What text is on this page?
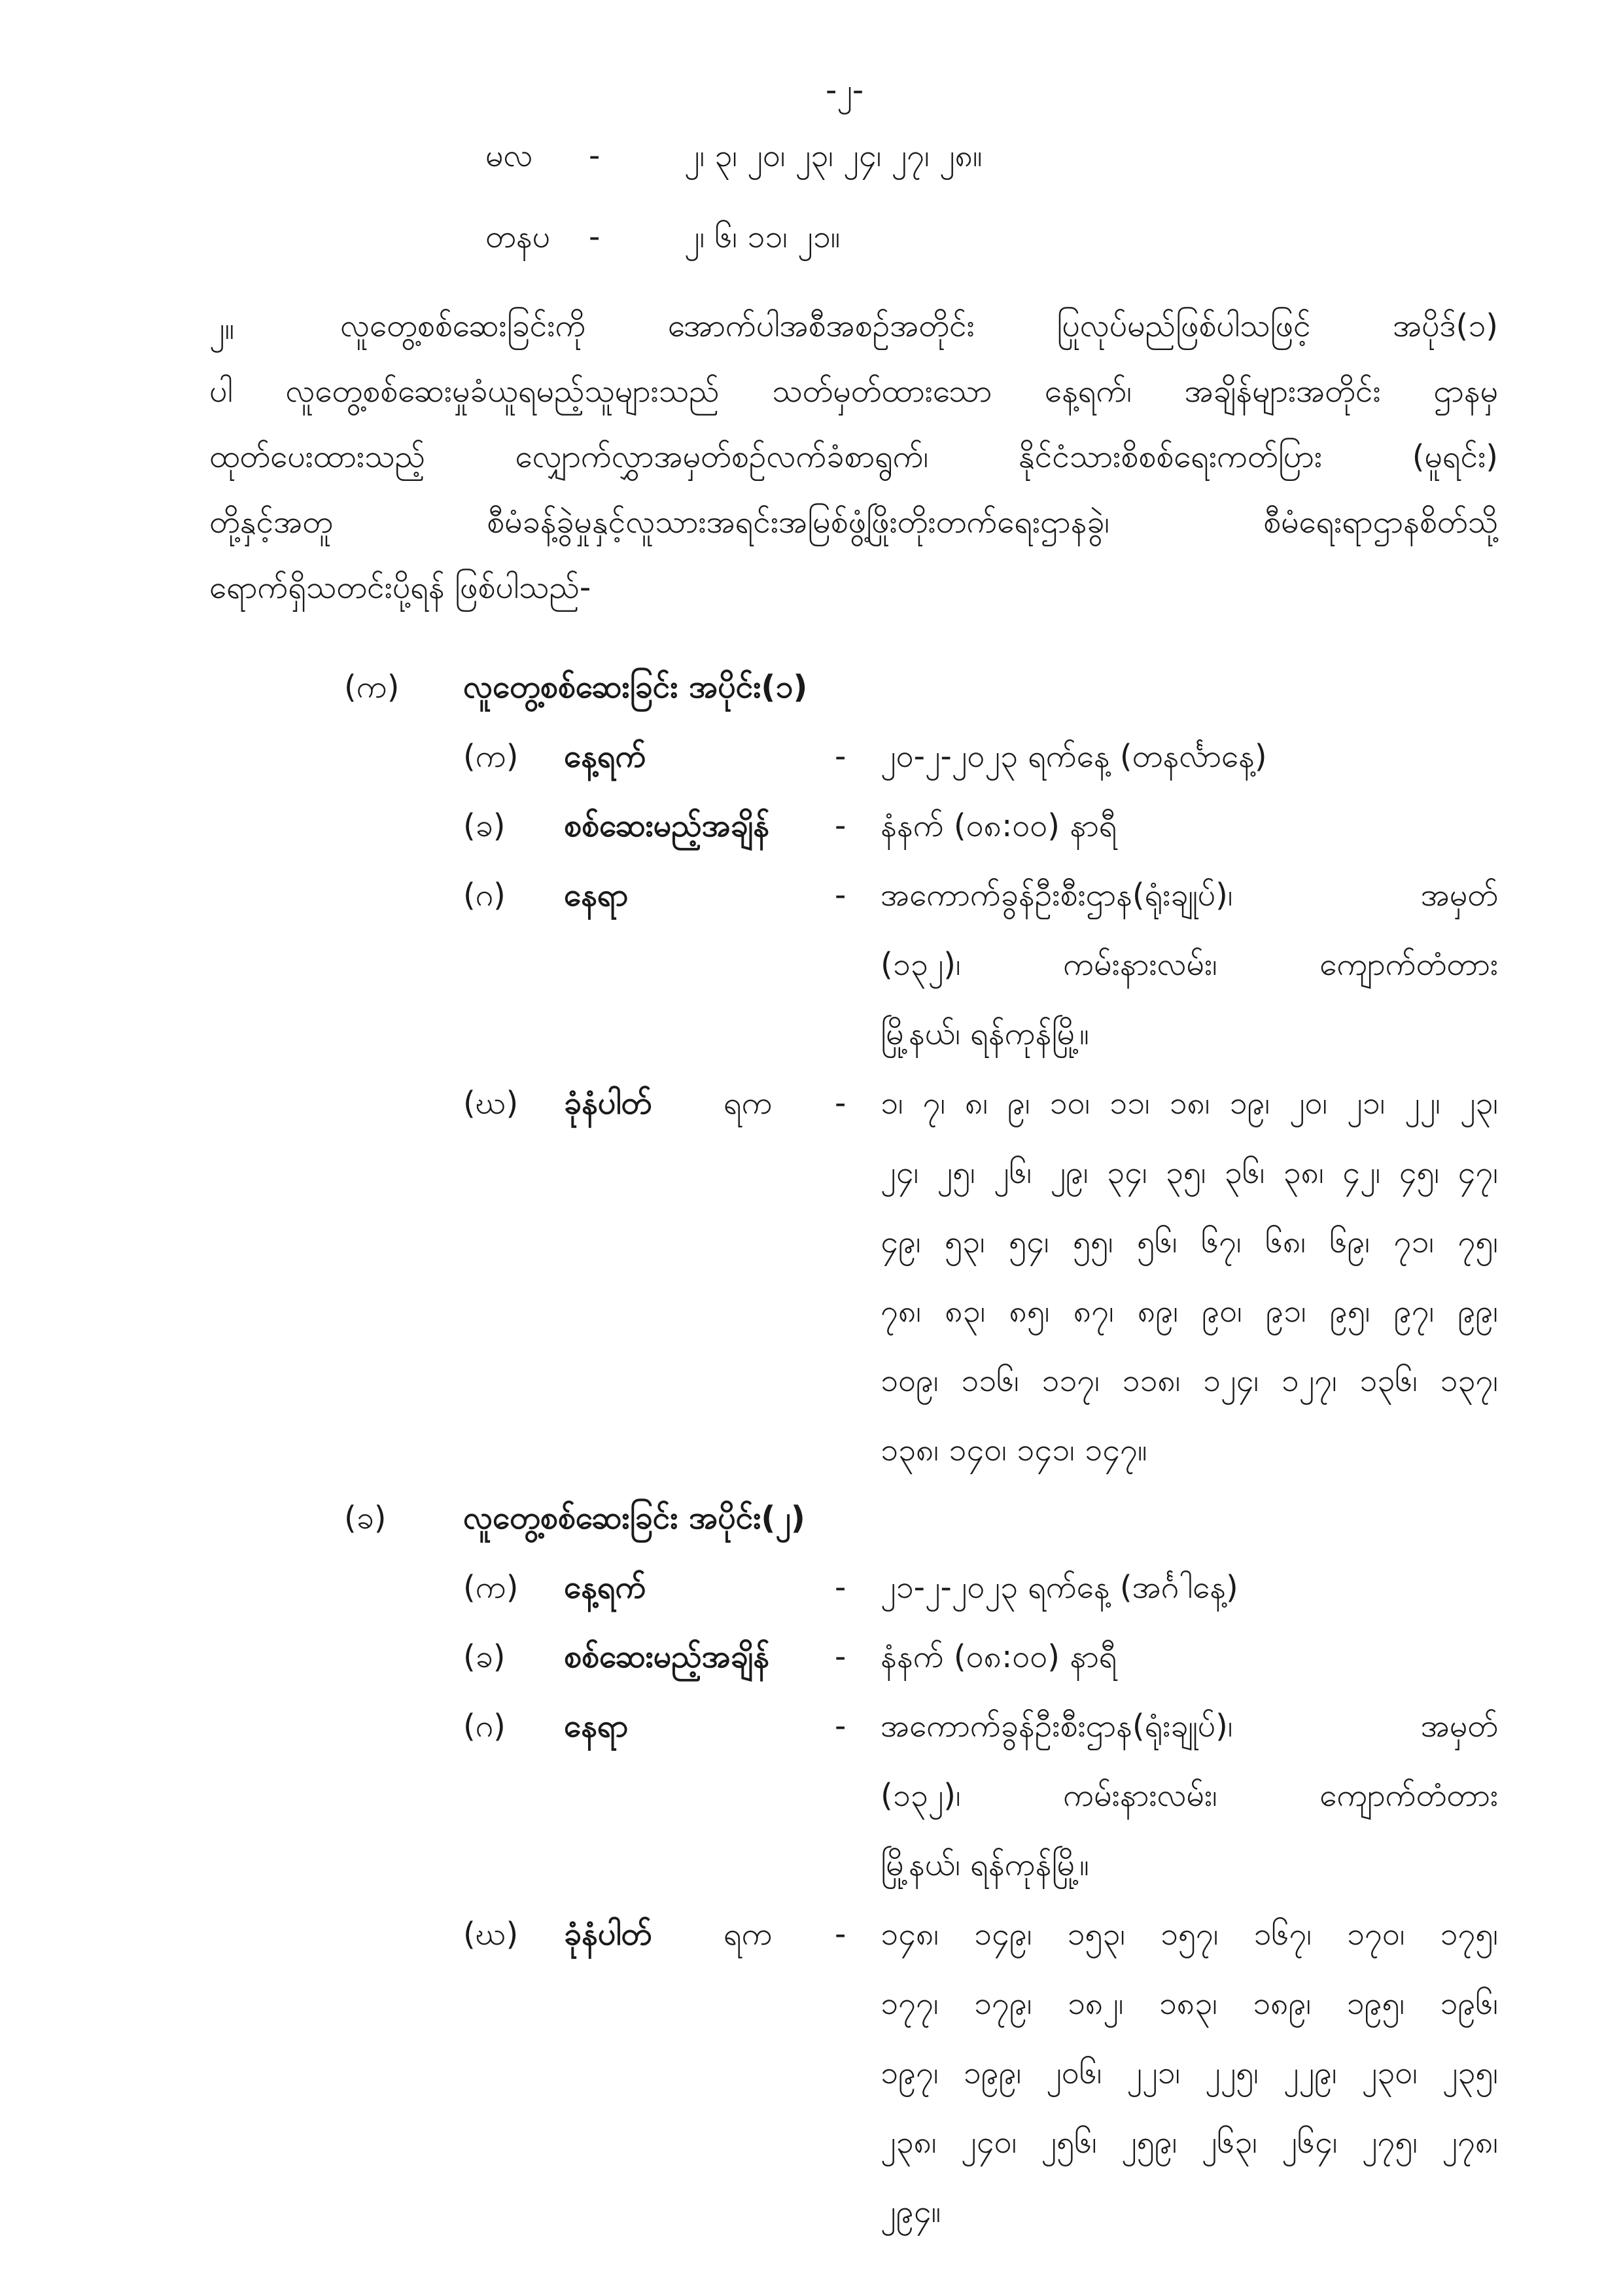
-၂-
မလ -	၂၊ ၃၊ ၂၀၊ ၂၃၊ ၂၄၊ ၂၇၊ ၂၈။
တနပ -	၂၊ ၆၊ ၁၁၊ ၂၁။
၂။	လူတွေ့စစ်ဆေးခြင်းကို အောက်ပါအစီအစဉ်အတိုင်း ပြုလုပ်မည်ဖြစ်ပါသဖြင့် အပိုဒ်(၁)
ပါ လူတွေ့စစ်ဆေးမှုခံယူရမည့်သူများသည် သတ်မှတ်ထားသော နေ့ရက်၊ အချိန်များအတိုင်း ဌာနမှ
ထုတ်ပေးထားသည့် လျှောက်လွှာအမှတ်စဉ်လက်ခံစာရွက်၊ နိုင်ငံသားစိစစ်ရေးကတ်ပြား (မူရင်း)
တို့နှင့်အတူ စီမံခန့်ခွဲမှုနှင့်လူသားအရင်းအမြစ်ဖွံ့ဖြိုးတိုးတက်ရေးဌာနခွဲ၊ စီမံရေးရာဌာနစိတ်သို့
ရောက်ရှိသတင်းပို့ရန် ဖြစ်ပါသည်-
(က) လူတွေ့စစ်ဆေးခြင်း အပိုင်း(၁)
(က) နေ့ရက်	- ၂၀-၂-၂၀၂၃ ရက်နေ့ (တနင်္လာနေ့)
(ခ) စစ်ဆေးမည့်အချိန် - နံနက် (၀၈:၀၀) နာရီ
(ဂ) နေရာ	- အကောက်ခွန်ဦးစီးဌာန(ရုံးချုပ်)၊ အမှတ်
(၁၃၂)၊ ကမ်းနားလမ်း၊ ကျောက်တံတား
မြို့နယ်၊ ရန်ကုန်မြို့။
(ဃ) ခုံနံပါတ် ရက - ၁၊ ၇၊ ၈၊ ၉၊ ၁၀၊ ၁၁၊ ၁၈၊ ၁၉၊ ၂၀၊ ၂၁၊ ၂၂၊ ၂၃၊
၂၄၊ ၂၅၊ ၂၆၊ ၂၉၊ ၃၄၊ ၃၅၊ ၃၆၊ ၃၈၊ ၄၂၊ ၄၅၊ ၄၇၊
၄၉၊ ၅၃၊ ၅၄၊ ၅၅၊ ၅၆၊ ၆၇၊ ၆၈၊ ၆၉၊ ၇၁၊ ၇၅၊
၇၈၊ ၈၃၊ ၈၅၊ ၈၇၊ ၈၉၊ ၉၀၊ ၉၁၊ ၉၅၊ ၉၇၊ ၉၉၊
၁၀၉၊ ၁၁၆၊ ၁၁၇၊ ၁၁၈၊ ၁၂၄၊ ၁၂၇၊ ၁၃၆၊ ၁၃၇၊
၁၃၈၊ ၁၄၀၊ ၁၄၁၊ ၁၄၇။
(ခ) လူတွေ့စစ်ဆေးခြင်း အပိုင်း(၂)
(က) နေ့ရက်	- ၂၁-၂-၂၀၂၃ ရက်နေ့ (အင်္ဂါနေ့)
(ခ) စစ်ဆေးမည့်အချိန် - နံနက် (၀၈:၀၀) နာရီ
(ဂ) နေရာ	- အကောက်ခွန်ဦးစီးဌာန(ရုံးချုပ်)၊ အမှတ်
(၁၃၂)၊ ကမ်းနားလမ်း၊ ကျောက်တံတား
မြို့နယ်၊ ရန်ကုန်မြို့။
(ဃ) ခုံနံပါတ် ရက - ၁၄၈၊ ၁၄၉၊ ၁၅၃၊ ၁၅၇၊ ၁၆၇၊ ၁၇၀၊ ၁၇၅၊
၁၇၇၊ ၁၇၉၊ ၁၈၂၊ ၁၈၃၊ ၁၈၉၊ ၁၉၅၊ ၁၉၆၊
၁၉၇၊ ၁၉၉၊ ၂၀၆၊ ၂၂၁၊ ၂၂၅၊ ၂၂၉၊ ၂၃၀၊ ၂၃၅၊
၂၃၈၊ ၂၄၀၊ ၂၅၆၊ ၂၅၉၊ ၂၆၃၊ ၂၆၄၊ ၂၇၅၊ ၂၇၈၊
၂၉၄။
